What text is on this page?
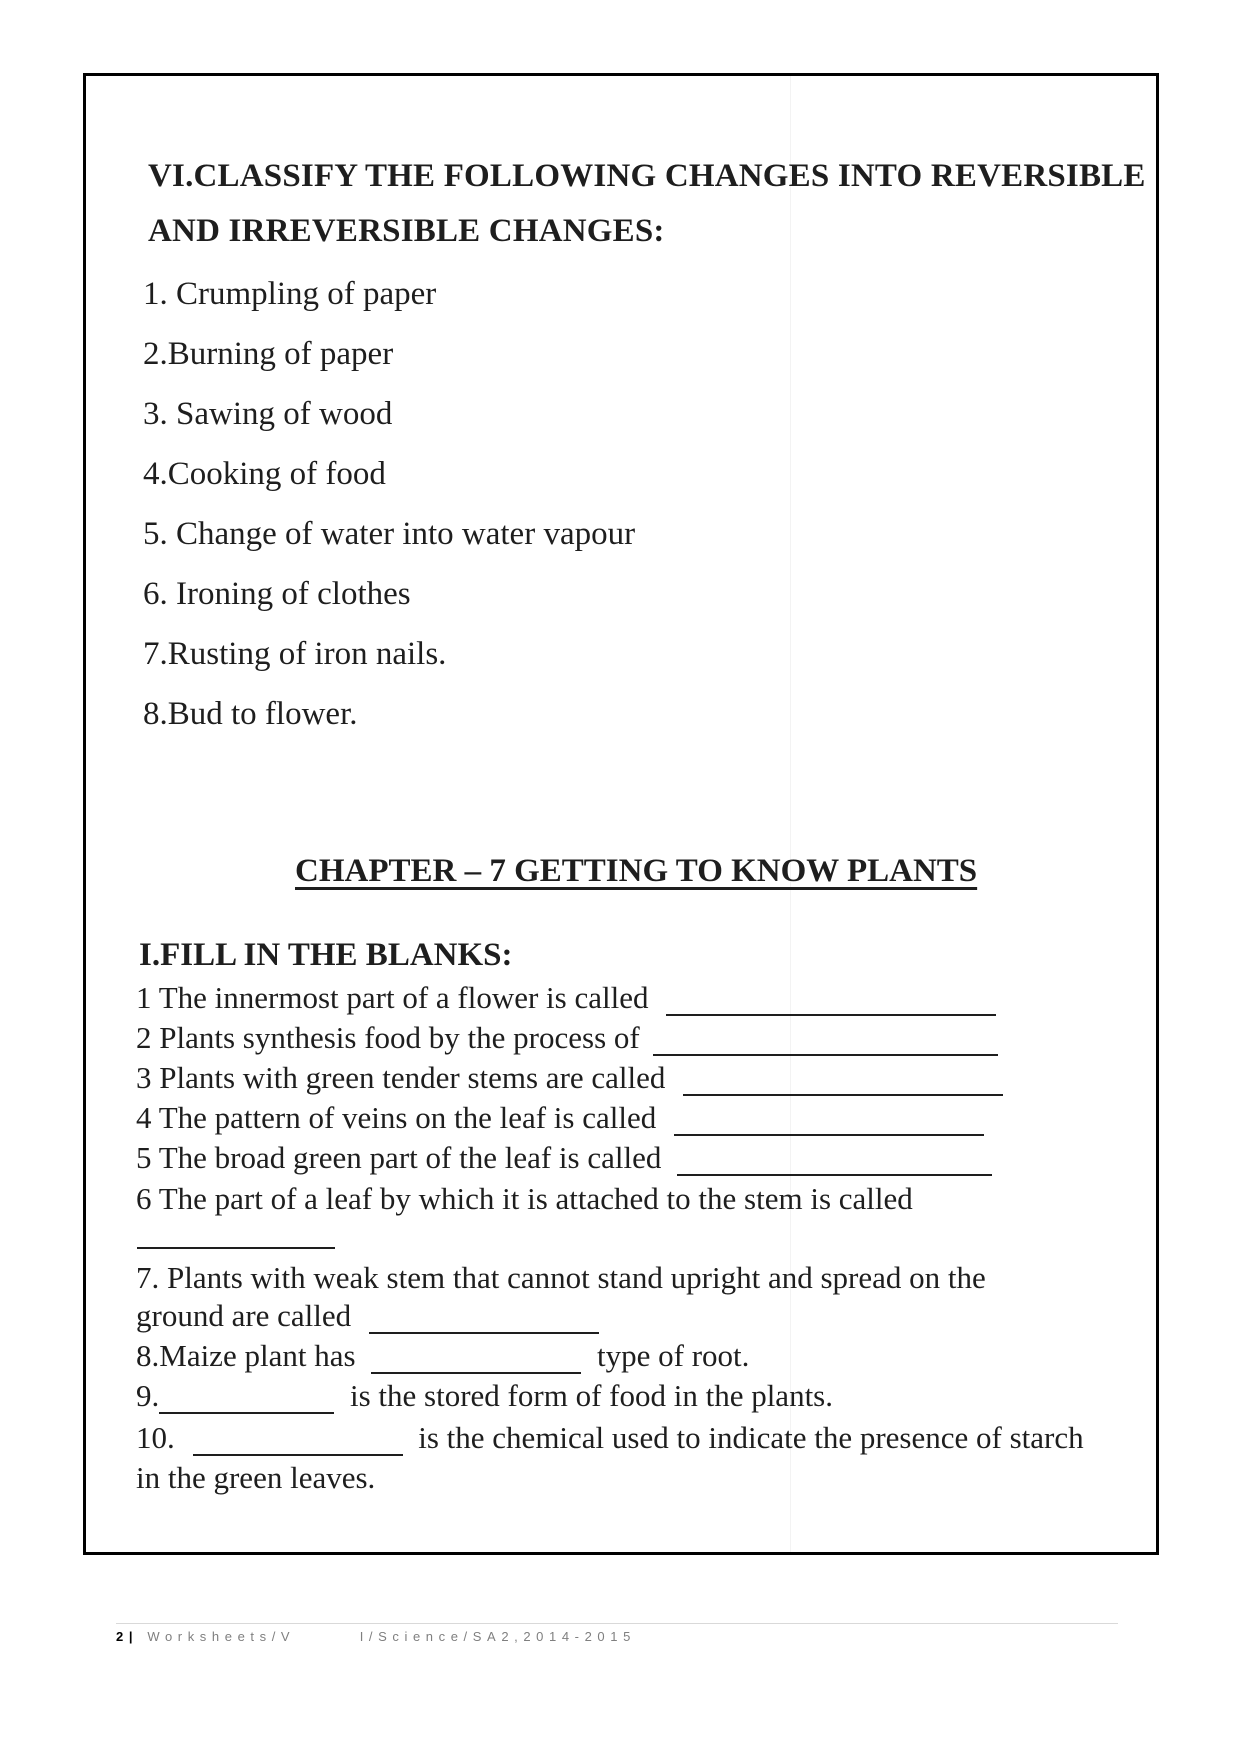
VI.CLASSIFY THE FOLLOWING CHANGES INTO REVERSIBLE
AND IRREVERSIBLE CHANGES:
1. Crumpling of paper
2.Burning of paper
3. Sawing of wood
4.Cooking of food
5. Change of water into water vapour
6. Ironing of clothes
7.Rusting of iron nails.
8.Bud to flower.
CHAPTER – 7 GETTING TO KNOW PLANTS
I.FILL IN THE BLANKS:
1 The innermost part of a flower is called
2 Plants synthesis food by the process of
3 Plants with green tender stems are called
4 The pattern of veins on the leaf is called
5 The broad green part of the leaf is called
6 The part of a leaf by which it is attached to the stem is called
7. Plants with weak stem that cannot stand upright and spread on the
ground are called
8.Maize plant has	type of root.
9.	is the stored form of food in the plants.
10.	is the chemical used to indicate the presence of starch
in the green leaves.
2| Worksheets/V	I/Science/SA2,2014-2015
